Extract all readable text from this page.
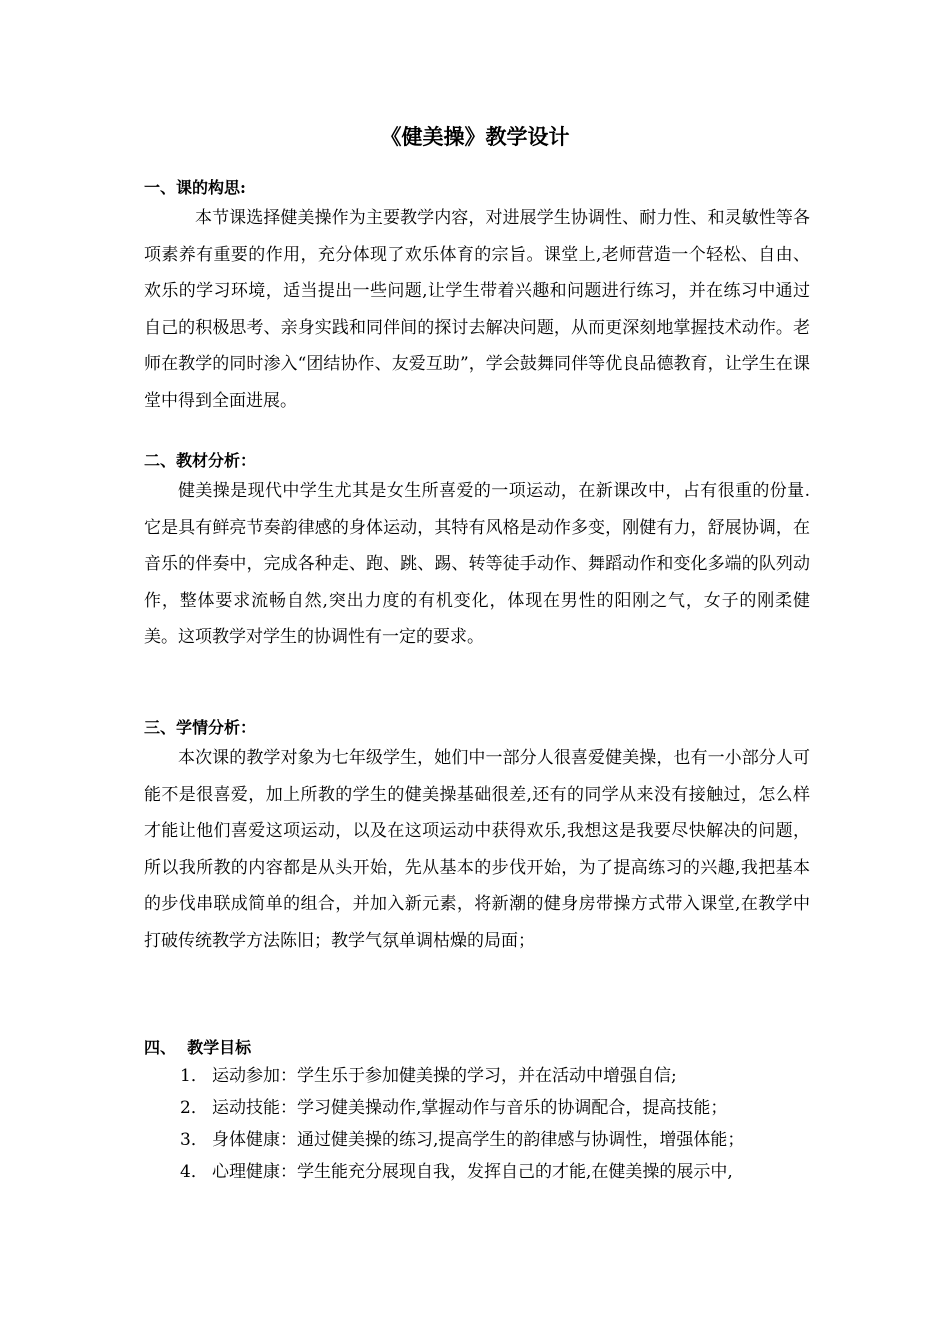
《健美操》教学设计
一、课的构思:

本节课选择健美操作为主要教学内容，对进展学生协调性、耐力性、和灵敏性等各项素养有重要的作用，充分体现了欢乐体育的宗旨。课堂上,老师营造一个轻松、自由、欢乐的学习环境，适当提出一些问题,让学生带着兴趣和问题进行练习，并在练习中通过自己的积极思考、亲身实践和同伴间的探讨去解决问题，从而更深刻地掌握技术动作。老师在教学的同时渗入“团结协作、友爱互助”，学会鼓舞同伴等优良品德教育，让学生在课堂中得到全面进展。

二、教材分析：

健美操是现代中学生尤其是女生所喜爱的一项运动，在新课改中，占有很重的份量.它是具有鲜亮节奏韵律感的身体运动，其特有风格是动作多变，刚健有力，舒展协调，在音乐的伴奏中，完成各种走、跑、跳、踢、转等徒手动作、舞蹈动作和变化多端的队列动作，整体要求流畅自然,突出力度的有机变化，体现在男性的阳刚之气，女子的刚柔健美。这项教学对学生的协调性有一定的要求。

三、学情分析：

本次课的教学对象为七年级学生，她们中一部分人很喜爱健美操，也有一小部分人可能不是很喜爱，加上所教的学生的健美操基础很差,还有的同学从来没有接触过，怎么样才能让他们喜爱这项运动，以及在这项运动中获得欢乐,我想这是我要尽快解决的问题，所以我所教的内容都是从头开始，先从基本的步伐开始，为了提高练习的兴趣,我把基本的步伐串联成简单的组合，并加入新元素，将新潮的健身房带操方式带入课堂,在教学中打破传统教学方法陈旧；教学气氛单调枯燥的局面；

四、  教学目标
1． 运动参加：学生乐于参加健美操的学习，并在活动中增强自信;
2． 运动技能：学习健美操动作,掌握动作与音乐的协调配合，提高技能；
3． 身体健康：通过健美操的练习,提高学生的韵律感与协调性，增强体能；
4． 心理健康：学生能充分展现自我，发挥自己的才能,在健美操的展示中,
